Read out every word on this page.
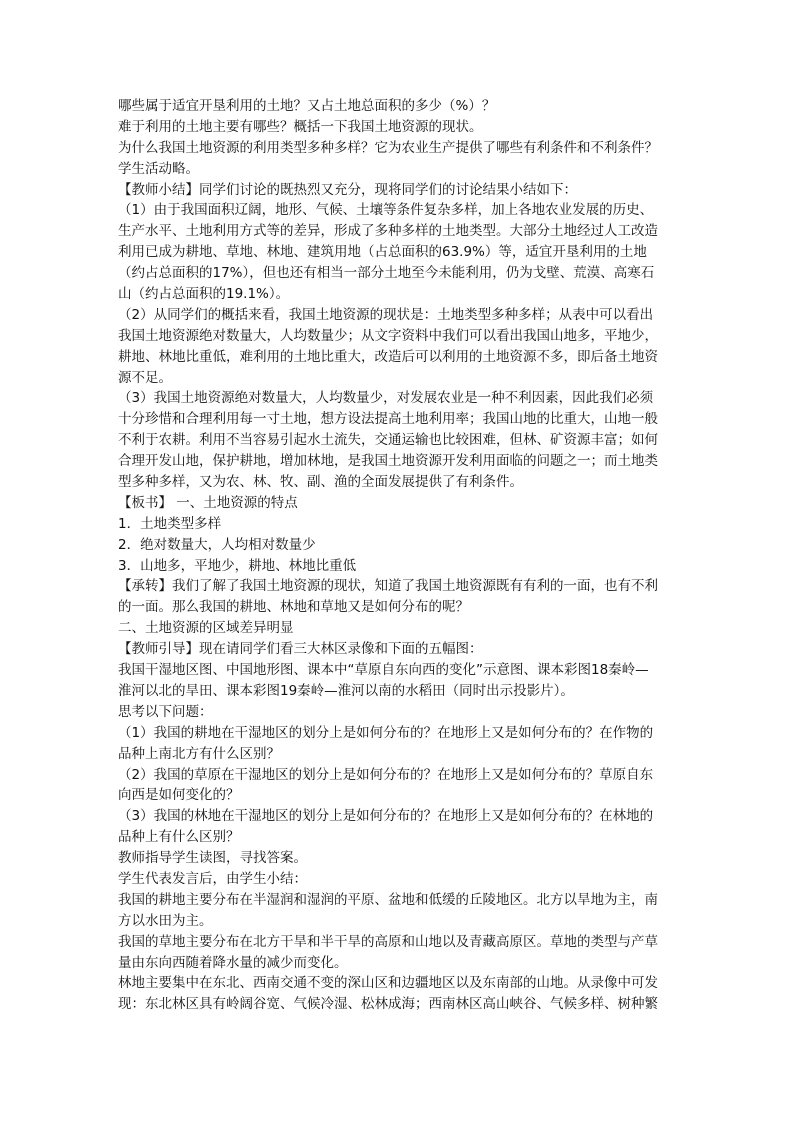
哪些属于适宜开垦利用的土地？又占土地总面积的多少（%）？
难于利用的土地主要有哪些？概括一下我国土地资源的现状。
为什么我国土地资源的利用类型多种多样？它为农业生产提供了哪些有利条件和不利条件？
学生活动略。
【教师小结】同学们讨论的既热烈又充分，现将同学们的讨论结果小结如下：
（1）由于我国面积辽阔，地形、气候、土壤等条件复杂多样，加上各地农业发展的历史、
生产水平、土地利用方式等的差异，形成了多种多样的土地类型。大部分土地经过人工改造
利用已成为耕地、草地、林地、建筑用地（占总面积的63.9%）等，适宜开垦利用的土地
（约占总面积的17%），但也还有相当一部分土地至今未能利用，仍为戈壁、荒漠、高寒石
山（约占总面积的19.1%）。
（2）从同学们的概括来看，我国土地资源的现状是：土地类型多种多样；从表中可以看出
我国土地资源绝对数量大，人均数量少；从文字资料中我们可以看出我国山地多，平地少，
耕地、林地比重低，难利用的土地比重大，改造后可以利用的土地资源不多，即后备土地资
源不足。
（3）我国土地资源绝对数量大，人均数量少，对发展农业是一种不利因素，因此我们必须
十分珍惜和合理利用每一寸土地，想方设法提高土地利用率；我国山地的比重大，山地一般
不利于农耕。利用不当容易引起水土流失，交通运输也比较困难，但林、矿资源丰富；如何
合理开发山地，保护耕地，增加林地，是我国土地资源开发利用面临的问题之一；而土地类
型多种多样，又为农、林、牧、副、渔的全面发展提供了有利条件。
【板书】 一、土地资源的特点
1．土地类型多样
2．绝对数量大，人均相对数量少
3．山地多，平地少，耕地、林地比重低
【承转】我们了解了我国土地资源的现状，知道了我国土地资源既有有利的一面，也有不利
的一面。那么我国的耕地、林地和草地又是如何分布的呢？
二、土地资源的区域差异明显
【教师引导】现在请同学们看三大林区录像和下面的五幅图：
我国干湿地区图、中国地形图、课本中“草原自东向西的变化”示意图、课本彩图18秦岭—
淮河以北的旱田、课本彩图19秦岭—淮河以南的水稻田（同时出示投影片）。
思考以下问题：
（1）我国的耕地在干湿地区的划分上是如何分布的？在地形上又是如何分布的？在作物的
品种上南北方有什么区别？
（2）我国的草原在干湿地区的划分上是如何分布的？在地形上又是如何分布的？草原自东
向西是如何变化的？
（3）我国的林地在干湿地区的划分上是如何分布的？在地形上又是如何分布的？在林地的
品种上有什么区别？
教师指导学生读图，寻找答案。
学生代表发言后，由学生小结：
我国的耕地主要分布在半湿润和湿润的平原、盆地和低缓的丘陵地区。北方以旱地为主，南
方以水田为主。
我国的草地主要分布在北方干旱和半干旱的高原和山地以及青藏高原区。草地的类型与产草
量由东向西随着降水量的减少而变化。
林地主要集中在东北、西南交通不变的深山区和边疆地区以及东南部的山地。从录像中可发
现：东北林区具有岭阔谷宽、气候冷湿、松林成海；西南林区高山峡谷、气候多样、树种繁
